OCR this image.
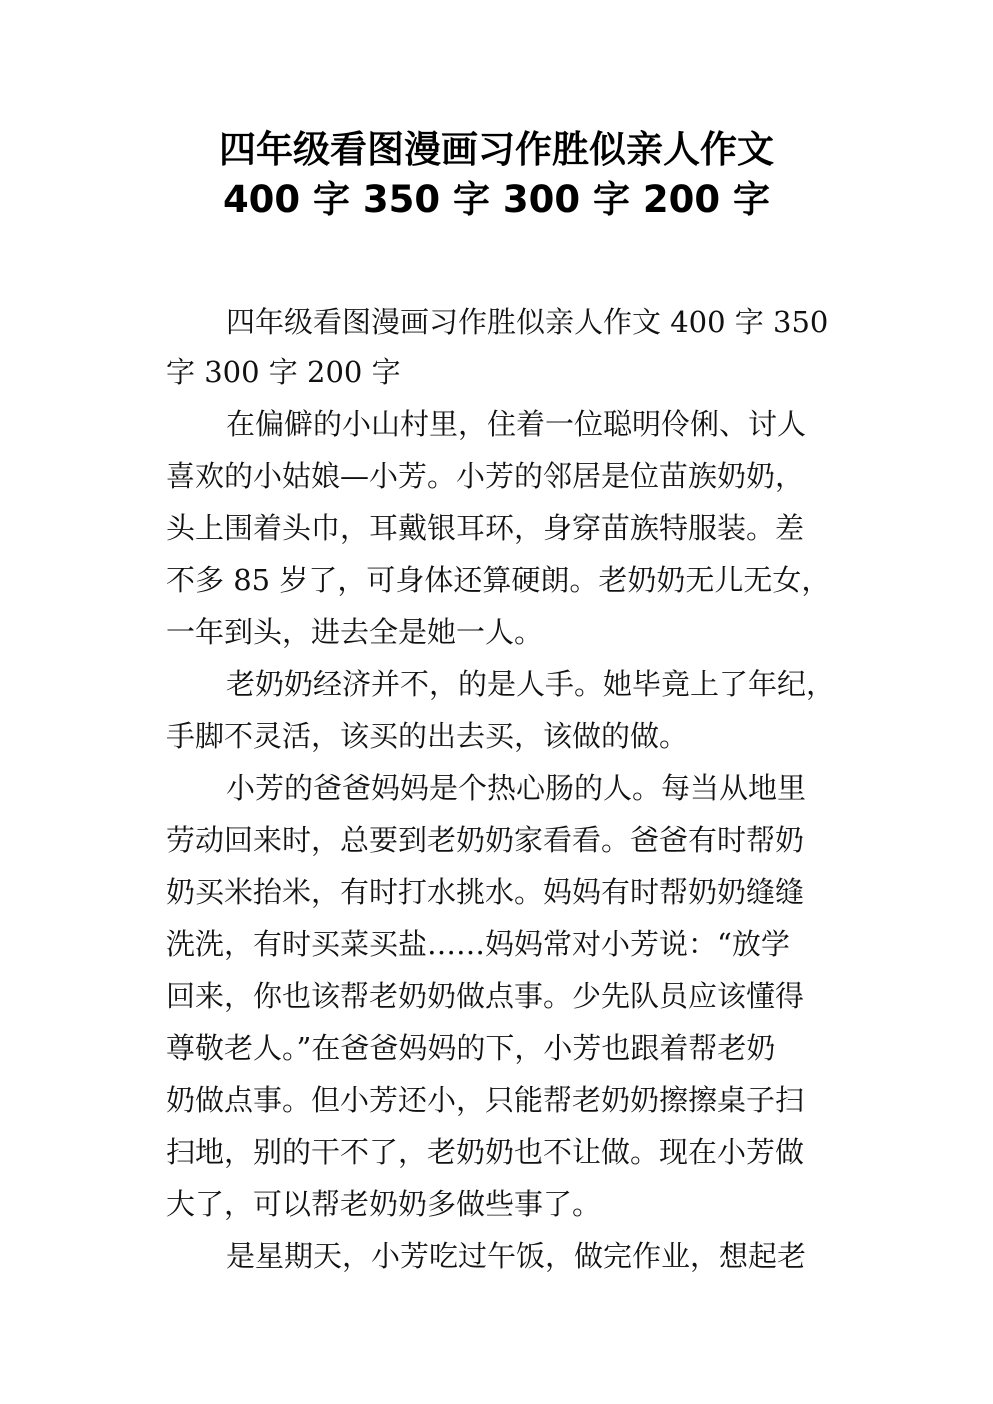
四年级看图漫画习作胜似亲人作文
400 字 350 字 300 字 200 字
四年级看图漫画习作胜似亲人作文 400 字 350
字 300 字 200 字
在偏僻的小山村里，住着一位聪明伶俐、讨人
喜欢的小姑娘—小芳。小芳的邻居是位苗族奶奶，
头上围着头巾，耳戴银耳环，身穿苗族特服装。差
不多 85 岁了，可身体还算硬朗。老奶奶无儿无女，
一年到头，进去全是她一人。
老奶奶经济并不，的是人手。她毕竟上了年纪，
手脚不灵活，该买的出去买，该做的做。
小芳的爸爸妈妈是个热心肠的人。每当从地里
劳动回来时，总要到老奶奶家看看。爸爸有时帮奶
奶买米抬米，有时打水挑水。妈妈有时帮奶奶缝缝
洗洗，有时买菜买盐……妈妈常对小芳说：“放学
回来，你也该帮老奶奶做点事。少先队员应该懂得
尊敬老人。”在爸爸妈妈的下，小芳也跟着帮老奶
奶做点事。但小芳还小，只能帮老奶奶擦擦桌子扫
扫地，别的干不了，老奶奶也不让做。现在小芳做
大了，可以帮老奶奶多做些事了。
是星期天，小芳吃过午饭，做完作业，想起老
